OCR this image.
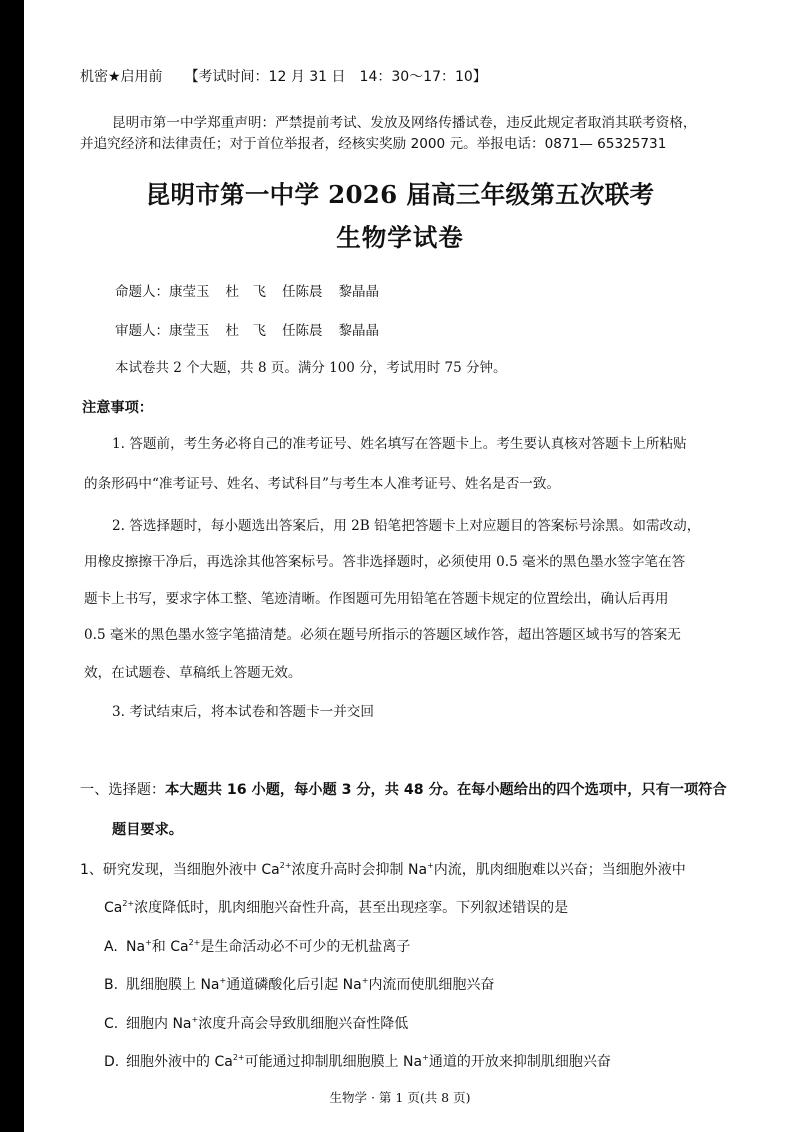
机密★启用前 【考试时间：12 月 31 日　14：30～17：10】
昆明市第一中学郑重声明：严禁提前考试、发放及网络传播试卷，违反此规定者取消其联考资格，
并追究经济和法律责任；对于首位举报者，经核实奖励 2000 元。举报电话：0871— 65325731
昆明市第一中学 2026 届高三年级第五次联考
生物学试卷
命题人：康莹玉 杜　飞 任陈晨 黎晶晶
审题人：康莹玉 杜　飞 任陈晨 黎晶晶
本试卷共 2 个大题，共 8 页。满分 100 分，考试用时 75 分钟。
注意事项：
1. 答题前，考生务必将自己的准考证号、姓名填写在答题卡上。考生要认真核对答题卡上所粘贴
的条形码中“准考证号、姓名、考试科目”与考生本人准考证号、姓名是否一致。
2. 答选择题时，每小题选出答案后，用 2B 铅笔把答题卡上对应题目的答案标号涂黑。如需改动，
用橡皮擦擦干净后，再选涂其他答案标号。答非选择题时，必须使用 0.5 毫米的黑色墨水签字笔在答
题卡上书写，要求字体工整、笔迹清晰。作图题可先用铅笔在答题卡规定的位置绘出，确认后再用
0.5 毫米的黑色墨水签字笔描清楚。必须在题号所指示的答题区域作答，超出答题区域书写的答案无
效，在试题卷、草稿纸上答题无效。
3. 考试结束后，将本试卷和答题卡一并交回
一、选择题：本大题共 16 小题，每小题 3 分，共 48 分。在每小题给出的四个选项中，只有一项符合
题目要求。
1、研究发现，当细胞外液中 $Ca^{2+}$浓度升高时会抑制 Na+内流，肌肉细胞难以兴奋；当细胞外液中
$Ca^{2+}$浓度降低时，肌肉细胞兴奋性升高，甚至出现痉挛。下列叙述错误的是
A. Na+和 $Ca^{2+}$是生命活动必不可少的无机盐离子
B. 肌细胞膜上 Na+通道磷酸化后引起 Na+内流而使肌细胞兴奋
C. 细胞内 Na+浓度升高会导致肌细胞兴奋性降低
D. 细胞外液中的 $Ca^{2+}$可能通过抑制肌细胞膜上 Na+通道的开放来抑制肌细胞兴奋
生物学 · 第 1 页(共 8 页)
